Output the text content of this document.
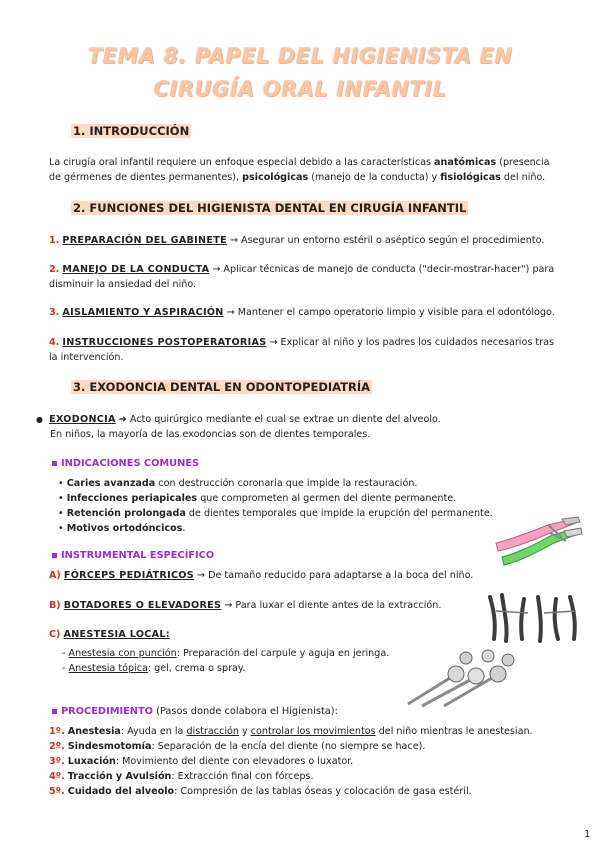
TEMA 8. PAPEL DEL HIGIENISTA EN
CIRUGÍA ORAL INFANTIL
1. INTRODUCCIÓN
La cirugía oral infantil requiere un enfoque especial debido a las características anatómicas (presencia
de gérmenes de dientes permanentes), psicológicas (manejo de la conducta) y fisiológicas del niño.
2. FUNCIONES DEL HIGIENISTA DENTAL EN CIRUGÍA INFANTIL
1. PREPARACIÓN DEL GABINETE → Asegurar un entorno estéril o aséptico según el procedimiento.
2. MANEJO DE LA CONDUCTA → Aplicar técnicas de manejo de conducta ("decir-mostrar-hacer") para
disminuir la ansiedad del niño.
3. AISLAMIENTO Y ASPIRACIÓN → Mantener el campo operatorio limpio y visible para el odontólogo.
4. INSTRUCCIONES POSTOPERATORIAS → Explicar al niño y los padres los cuidados necesarios tras
la intervención.
3. EXODONCIA DENTAL EN ODONTOPEDIATRÍA
● EXODONCIA ➜ Acto quirúrgico mediante el cual se extrae un diente del alveolo.
En niños, la mayoría de las exodoncias son de dientes temporales.
INDICACIONES COMUNES
• Caries avanzada con destrucción coronaria que impide la restauración.
• Infecciones periapicales que comprometen al germen del diente permanente.
• Retención prolongada de dientes temporales que impide la erupción del permanente.
• Motivos ortodóncicos.
INSTRUMENTAL ESPECÍFICO
A) FÓRCEPS PEDIÁTRICOS → De tamaño reducido para adaptarse a la boca del niño.
B) BOTADORES O ELEVADORES → Para luxar el diente antes de la extracción.
C) ANESTESIA LOCAL:
- Anestesia con punción: Preparación del carpule y aguja en jeringa.
- Anestesia tópica: gel, crema o spray.
PROCEDIMIENTO (Pasos donde colabora el Higienista):
1º. Anestesia: Ayuda en la distracción y controlar los movimientos del niño mientras le anestesian.
2º. Sindesmotomía: Separación de la encía del diente (no siempre se hace).
3º. Luxación: Movimiento del diente con elevadores o luxator.
4º. Tracción y Avulsión: Extracción final con fórceps.
5º. Cuidado del alveolo: Compresión de las tablas óseas y colocación de gasa estéril.
1
